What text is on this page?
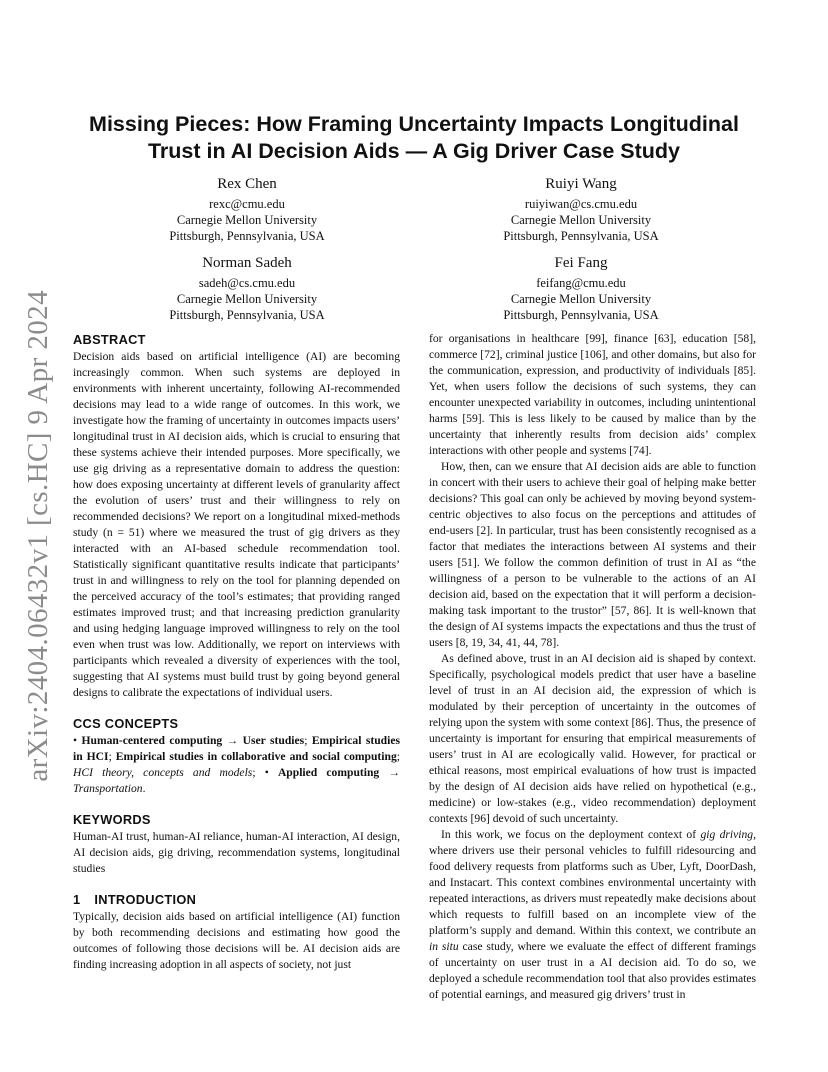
arXiv:2404.06432v1 [cs.HC] 9 Apr 2024
Missing Pieces: How Framing Uncertainty Impacts Longitudinal
Trust in AI Decision Aids — A Gig Driver Case Study
Rex Chen
rexc@cmu.edu
Carnegie Mellon University
Pittsburgh, Pennsylvania, USA
Ruiyi Wang
ruiyiwan@cs.cmu.edu
Carnegie Mellon University
Pittsburgh, Pennsylvania, USA
Norman Sadeh
sadeh@cs.cmu.edu
Carnegie Mellon University
Pittsburgh, Pennsylvania, USA
Fei Fang
feifang@cmu.edu
Carnegie Mellon University
Pittsburgh, Pennsylvania, USA
ABSTRACT

Decision aids based on artificial intelligence (AI) are becoming increasingly common. When such systems are deployed in environments with inherent uncertainty, following AI-recommended decisions may lead to a wide range of outcomes. In this work, we investigate how the framing of uncertainty in outcomes impacts users’ longitudinal trust in AI decision aids, which is crucial to ensuring that these systems achieve their intended purposes. More specifically, we use gig driving as a representative domain to address the question: how does exposing uncertainty at different levels of granularity affect the evolution of users’ trust and their willingness to rely on recommended decisions? We report on a longitudinal mixed-methods study (n = 51) where we measured the trust of gig drivers as they interacted with an AI-based schedule recommendation tool. Statistically significant quantitative results indicate that participants’ trust in and willingness to rely on the tool for planning depended on the perceived accuracy of the tool’s estimates; that providing ranged estimates improved trust; and that increasing prediction granularity and using hedging language improved willingness to rely on the tool even when trust was low. Additionally, we report on interviews with participants which revealed a diversity of experiences with the tool, suggesting that AI systems must build trust by going beyond general designs to calibrate the expectations of individual users.

CCS CONCEPTS

• Human-centered computing → User studies; Empirical studies in HCI; Empirical studies in collaborative and social computing; HCI theory, concepts and models; • Applied computing → Transportation.

KEYWORDS

Human-AI trust, human-AI reliance, human-AI interaction, AI design, AI decision aids, gig driving, recommendation systems, longitudinal studies

1 INTRODUCTION

Typically, decision aids based on artificial intelligence (AI) function by both recommending decisions and estimating how good the outcomes of following those decisions will be. AI decision aids are finding increasing adoption in all aspects of society, not just

for organisations in healthcare [99], finance [63], education [58], commerce [72], criminal justice [106], and other domains, but also for the communication, expression, and productivity of individuals [85]. Yet, when users follow the decisions of such systems, they can encounter unexpected variability in outcomes, including unintentional harms [59]. This is less likely to be caused by malice than by the uncertainty that inherently results from decision aids’ complex interactions with other people and systems [74].

How, then, can we ensure that AI decision aids are able to function in concert with their users to achieve their goal of helping make better decisions? This goal can only be achieved by moving beyond system-centric objectives to also focus on the perceptions and attitudes of end-users [2]. In particular, trust has been consistently recognised as a factor that mediates the interactions between AI systems and their users [51]. We follow the common definition of trust in AI as “the willingness of a person to be vulnerable to the actions of an AI decision aid, based on the expectation that it will perform a decision-making task important to the trustor” [57, 86]. It is well-known that the design of AI systems impacts the expectations and thus the trust of users [8, 19, 34, 41, 44, 78].

As defined above, trust in an AI decision aid is shaped by context. Specifically, psychological models predict that user have a baseline level of trust in an AI decision aid, the expression of which is modulated by their perception of uncertainty in the outcomes of relying upon the system with some context [86]. Thus, the presence of uncertainty is important for ensuring that empirical measurements of users’ trust in AI are ecologically valid. However, for practical or ethical reasons, most empirical evaluations of how trust is impacted by the design of AI decision aids have relied on hypothetical (e.g., medicine) or low-stakes (e.g., video recommendation) deployment contexts [96] devoid of such uncertainty.

In this work, we focus on the deployment context of gig driving, where drivers use their personal vehicles to fulfill ridesourcing and food delivery requests from platforms such as Uber, Lyft, DoorDash, and Instacart. This context combines environmental uncertainty with repeated interactions, as drivers must repeatedly make decisions about which requests to fulfill based on an incomplete view of the platform’s supply and demand. Within this context, we contribute an in situ case study, where we evaluate the effect of different framings of uncertainty on user trust in a AI decision aid. To do so, we deployed a schedule recommendation tool that also provides estimates of potential earnings, and measured gig drivers’ trust in
